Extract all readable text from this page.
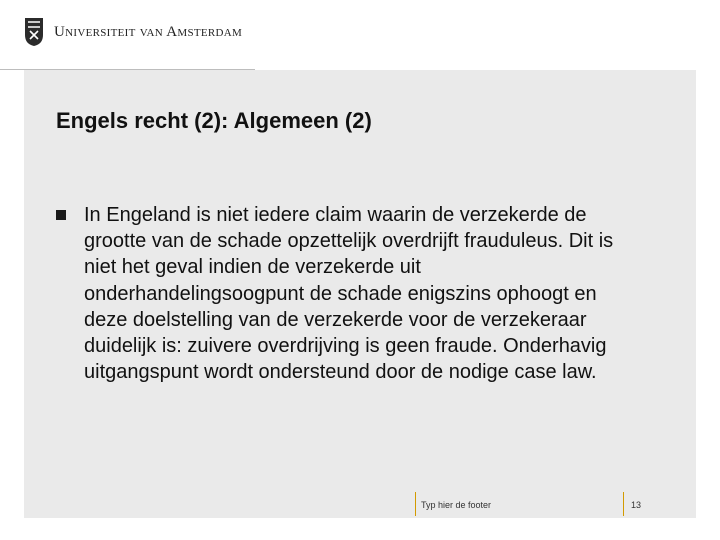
Universiteit van Amsterdam
Engels recht (2): Algemeen (2)
In Engeland is niet iedere claim waarin de verzekerde de grootte van de schade opzettelijk overdrijft frauduleus. Dit is niet het geval indien de verzekerde uit onderhandelingsoogpunt de schade enigszins ophoogt en deze doelstelling van de verzekerde voor de verzekeraar duidelijk is: zuivere overdrijving is geen fraude. Onderhavig uitgangspunt wordt ondersteund door de nodige case law.
Typ hier de footer	13
